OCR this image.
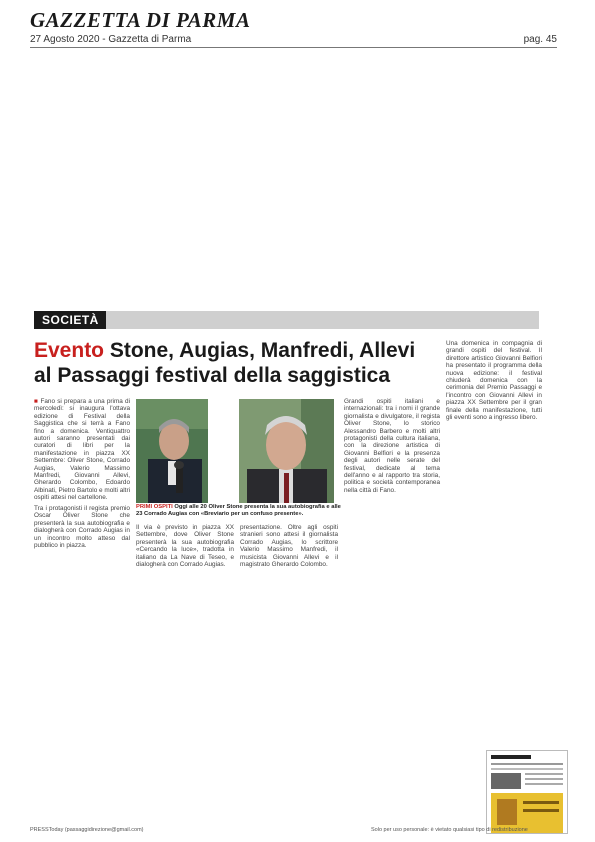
GAZZETTA DI PARMA
27 Agosto 2020 - Gazzetta di Parma	pag. 45
SOCIETÀ
Evento Stone, Augias, Manfredi, Allevi al Passaggi festival della saggistica
■ Fano si prepara a una prima di mercoledì: si inaugura l'ottava edizione di Festival della Saggistica che si terrà a Fano fino a domenica. Ventiquattro autori saranno presentati dai curatori di libri per la manifestazione in piazza XX Settembre: Oliver Stone, Corrado Augias, Valerio Massimo Manfredi, Giovanni Allevi, Gherardo Colombo, Edoardo Albinati, Pietro Bartolo e molti altri ospiti attesi nel cartellone.
Tra i protagonisti il regista premio Oscar Oliver Stone che presenterà la sua autobiografia e dialogherà con Corrado Augias in un incontro molto atteso dal pubblico in piazza.
Il via è previsto in piazza XX Settembre, dove Oliver Stone presenterà la sua autobiografia «Cercando la luce», tradotta in italiano da La Nave di Teseo, e dialogherà con Corrado Augias.
presentazione. Oltre agli ospiti stranieri sono attesi il giornalista Corrado Augias, lo scrittore Valerio Massimo Manfredi, il musicista Giovanni Allevi e il magistrato Gherardo Colombo.
Grandi ospiti italiani e internazionali: tra i nomi il grande giornalista e divulgatore, il regista Oliver Stone, lo storico Alessandro Barbero e molti altri protagonisti della cultura italiana, con la direzione artistica di Giovanni Belfiori e la presenza degli autori nelle serate del festival, dedicate al tema dell'anno e al rapporto tra storia, politica e società contemporanea nella città di Fano.
Una domenica in compagnia di grandi ospiti del festival. Il direttore artistico Giovanni Belfiori ha presentato il programma della nuova edizione: il festival chiuderà domenica con la cerimonia del Premio Passaggi e l'incontro con Giovanni Allevi in piazza XX Settembre per il gran finale della manifestazione, tutti gli eventi sono a ingresso libero.
PRIMI OSPITI Oggi alle 20 Oliver Stone presenta la sua autobiografia e alle 23 Corrado Augias con «Breviario per un confuso presente».
PRESSToday (passaggidirezione@gmail.com)	Solo per uso personale: è vietato qualsiasi tipo di redistribuzione
